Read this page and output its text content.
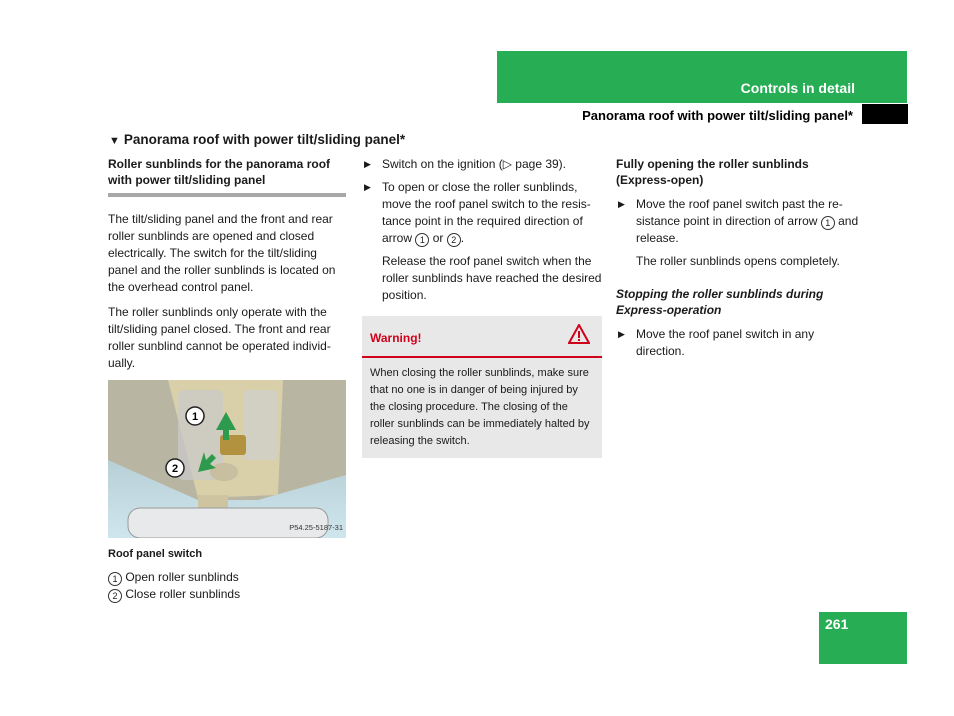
Controls in detail
Panorama roof with power tilt/sliding panel*
▼ Panorama roof with power tilt/sliding panel*
Roller sunblinds for the panorama roof with power tilt/sliding panel

The tilt/sliding panel and the front and rear roller sunblinds are opened and closed electrically. The switch for the tilt/sliding panel and the roller sunblinds is located on the overhead control panel.

The roller sunblinds only operate with the tilt/sliding panel closed. The front and rear roller sunblind cannot be operated individ-ually.

1
2
P54.25-5187-31
Roof panel switch
1 Open roller sunblinds
2 Close roller sunblinds
▶ Switch on the ignition (▷ page 39).
▶ To open or close the roller sunblinds, move the roof panel switch to the resis-tance point in the required direction of arrow 1 or 2 .
Release the roof panel switch when the roller sunblinds have reached the desired position.
Warning!
When closing the roller sunblinds, make sure that no one is in danger of being injured by the closing procedure. The closing of the roller sunblinds can be immediately halted by releasing the switch.
Fully opening the roller sunblinds (Express-open)
▶ Move the roof panel switch past the re-sistance point in direction of arrow 1 and release.
The roller sunblinds opens completely.
Stopping the roller sunblinds during Express-operation
▶ Move the roof panel switch in any direction.
261
